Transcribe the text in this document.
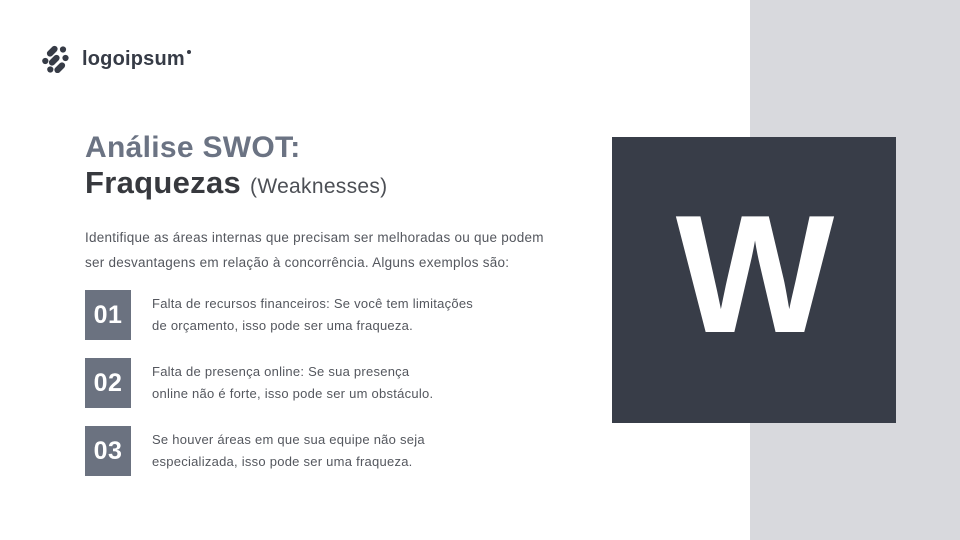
W
logoipsum
Análise SWOT:
Fraquezas (Weaknesses)
Identifique as áreas internas que precisam ser melhoradas ou que podem
ser desvantagens em relação à concorrência. Alguns exemplos são:
01	Falta de recursos financeiros: Se você tem limitações
de orçamento, isso pode ser uma fraqueza.
02	Falta de presença online: Se sua presença
online não é forte, isso pode ser um obstáculo.
03	Se houver áreas em que sua equipe não seja
especializada, isso pode ser uma fraqueza.
